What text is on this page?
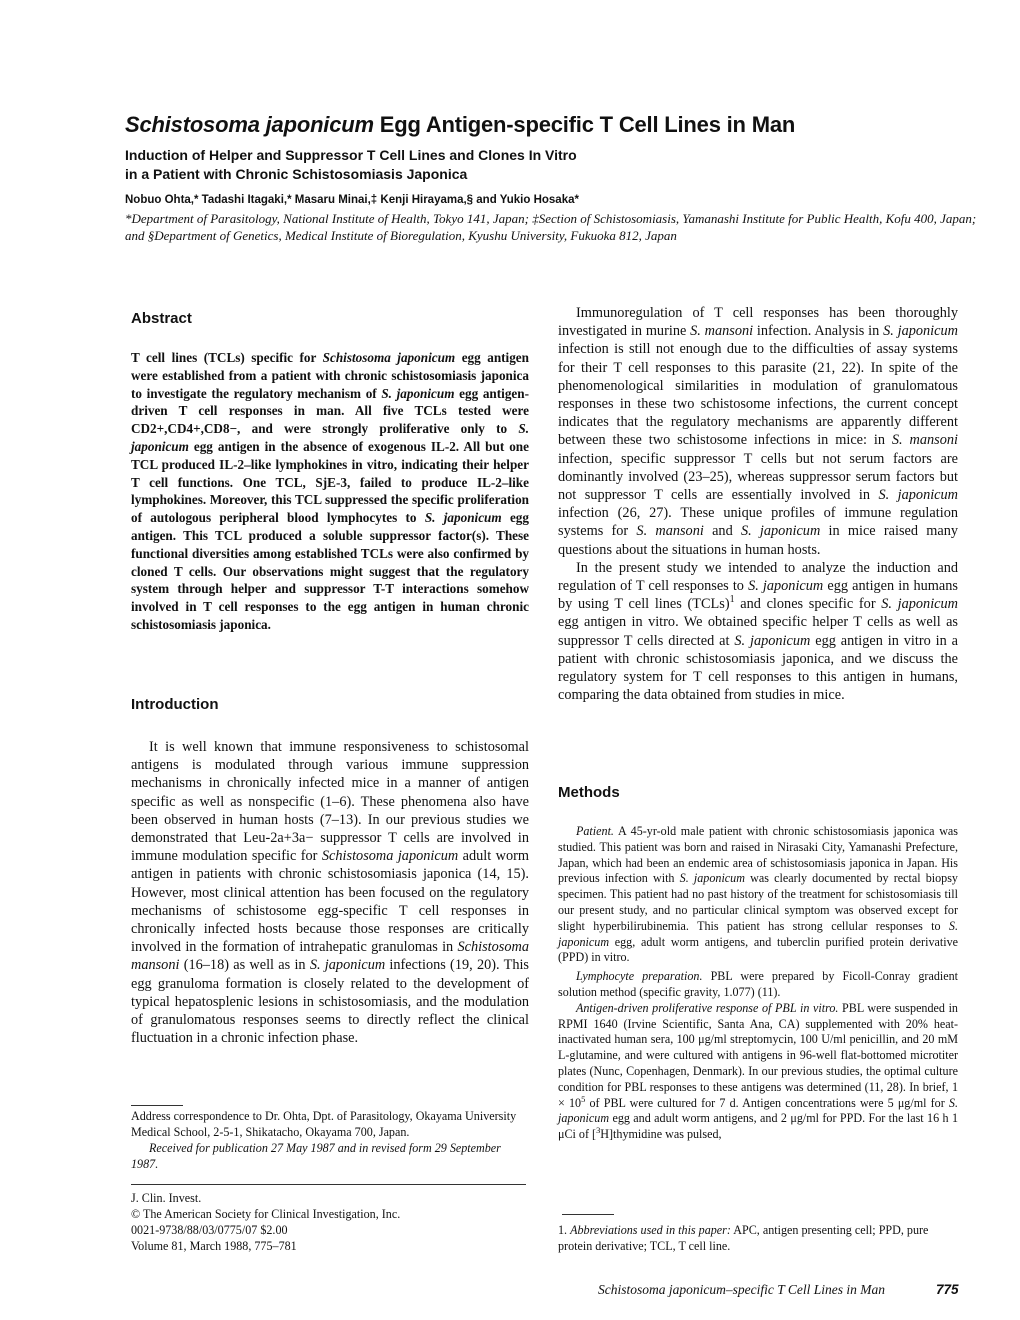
Schistosoma japonicum Egg Antigen-specific T Cell Lines in Man
Induction of Helper and Suppressor T Cell Lines and Clones In Vitro
in a Patient with Chronic Schistosomiasis Japonica
Nobuo Ohta,* Tadashi Itagaki,* Masaru Minai,‡ Kenji Hirayama,§ and Yukio Hosaka*
*Department of Parasitology, National Institute of Health, Tokyo 141, Japan; ‡Section of Schistosomiasis, Yamanashi Institute for Public Health, Kofu 400, Japan; and §Department of Genetics, Medical Institute of Bioregulation, Kyushu University, Fukuoka 812, Japan
Abstract
T cell lines (TCLs) specific for Schistosoma japonicum egg antigen were established from a patient with chronic schistosomiasis japonica to investigate the regulatory mechanism of S. japonicum egg antigen-driven T cell responses in man. All five TCLs tested were CD2+,CD4+,CD8−, and were strongly proliferative only to S. japonicum egg antigen in the absence of exogenous IL-2. All but one TCL produced IL-2–like lymphokines in vitro, indicating their helper T cell functions. One TCL, SjE-3, failed to produce IL-2–like lymphokines. Moreover, this TCL suppressed the specific proliferation of autologous peripheral blood lymphocytes to S. japonicum egg antigen. This TCL produced a soluble suppressor factor(s). These functional diversities among established TCLs were also confirmed by cloned T cells. Our observations might suggest that the regulatory system through helper and suppressor T-T interactions somehow involved in T cell responses to the egg antigen in human chronic schistosomiasis japonica.
Introduction

It is well known that immune responsiveness to schistosomal antigens is modulated through various immune suppression mechanisms in chronically infected mice in a manner of antigen specific as well as nonspecific (1–6). These phenomena also have been observed in human hosts (7–13). In our previous studies we demonstrated that Leu-2a+3a− suppressor T cells are involved in immune modulation specific for Schistosoma japonicum adult worm antigen in patients with chronic schistosomiasis japonica (14, 15). However, most clinical attention has been focused on the regulatory mechanisms of schistosome egg-specific T cell responses in chronically infected hosts because those responses are critically involved in the formation of intrahepatic granulomas in Schistosoma mansoni (16–18) as well as in S. japonicum infections (19, 20). This egg granuloma formation is closely related to the development of typical hepatosplenic lesions in schistosomiasis, and the modulation of granulomatous responses seems to directly reflect the clinical fluctuation in a chronic infection phase.

Address correspondence to Dr. Ohta, Dpt. of Parasitology, Okayama University Medical School, 2-5-1, Shikatacho, Okayama 700, Japan.
Received for publication 27 May 1987 and in revised form 29 September 1987.
J. Clin. Invest.
© The American Society for Clinical Investigation, Inc.
0021-9738/88/03/0775/07 $2.00
Volume 81, March 1988, 775–781

Immunoregulation of T cell responses has been thoroughly investigated in murine S. mansoni infection. Analysis in S. japonicum infection is still not enough due to the difficulties of assay systems for their T cell responses to this parasite (21, 22). In spite of the phenomenological similarities in modulation of granulomatous responses in these two schistosome infections, the current concept indicates that the regulatory mechanisms are apparently different between these two schistosome infections in mice: in S. mansoni infection, specific suppressor T cells but not serum factors are dominantly involved (23–25), whereas suppressor serum factors but not suppressor T cells are essentially involved in S. japonicum infection (26, 27). These unique profiles of immune regulation systems for S. mansoni and S. japonicum in mice raised many questions about the situations in human hosts.

In the present study we intended to analyze the induction and regulation of T cell responses to S. japonicum egg antigen in humans by using T cell lines (TCLs)$^1$ and clones specific for S. japonicum egg antigen in vitro. We obtained specific helper T cells as well as suppressor T cells directed at S. japonicum egg antigen in vitro in a patient with chronic schistosomiasis japonica, and we discuss the regulatory system for T cell responses to this antigen in humans, comparing the data obtained from studies in mice.

Methods

Patient. A 45-yr-old male patient with chronic schistosomiasis japonica was studied. This patient was born and raised in Nirasaki City, Yamanashi Prefecture, Japan, which had been an endemic area of schistosomiasis japonica in Japan. His previous infection with S. japonicum was clearly documented by rectal biopsy specimen. This patient had no past history of the treatment for schistosomiasis till our present study, and no particular clinical symptom was observed except for slight hyperbilirubinemia. This patient has strong cellular responses to S. japonicum egg, adult worm antigens, and tuberclin purified protein derivative (PPD) in vitro.

Lymphocyte preparation. PBL were prepared by Ficoll-Conray gradient solution method (specific gravity, 1.077) (11).

Antigen-driven proliferative response of PBL in vitro. PBL were suspended in RPMI 1640 (Irvine Scientific, Santa Ana, CA) supplemented with 20% heat-inactivated human sera, 100 μg/ml streptomycin, 100 U/ml penicillin, and 20 mM L-glutamine, and were cultured with antigens in 96-well flat-bottomed microtiter plates (Nunc, Copenhagen, Denmark). In our previous studies, the optimal culture condition for PBL responses to these antigens was determined (11, 28). In brief, $1 \times 10^5$ of PBL were cultured for 7 d. Antigen concentrations were 5 μg/ml for S. japonicum egg and adult worm antigens, and 2 μg/ml for PPD. For the last 16 h 1 μCi of [$^3$H]thymidine was pulsed,

1. Abbreviations used in this paper: APC, antigen presenting cell; PPD, pure protein derivative; TCL, T cell line.
Schistosoma japonicum–specific T Cell Lines in Man	775
